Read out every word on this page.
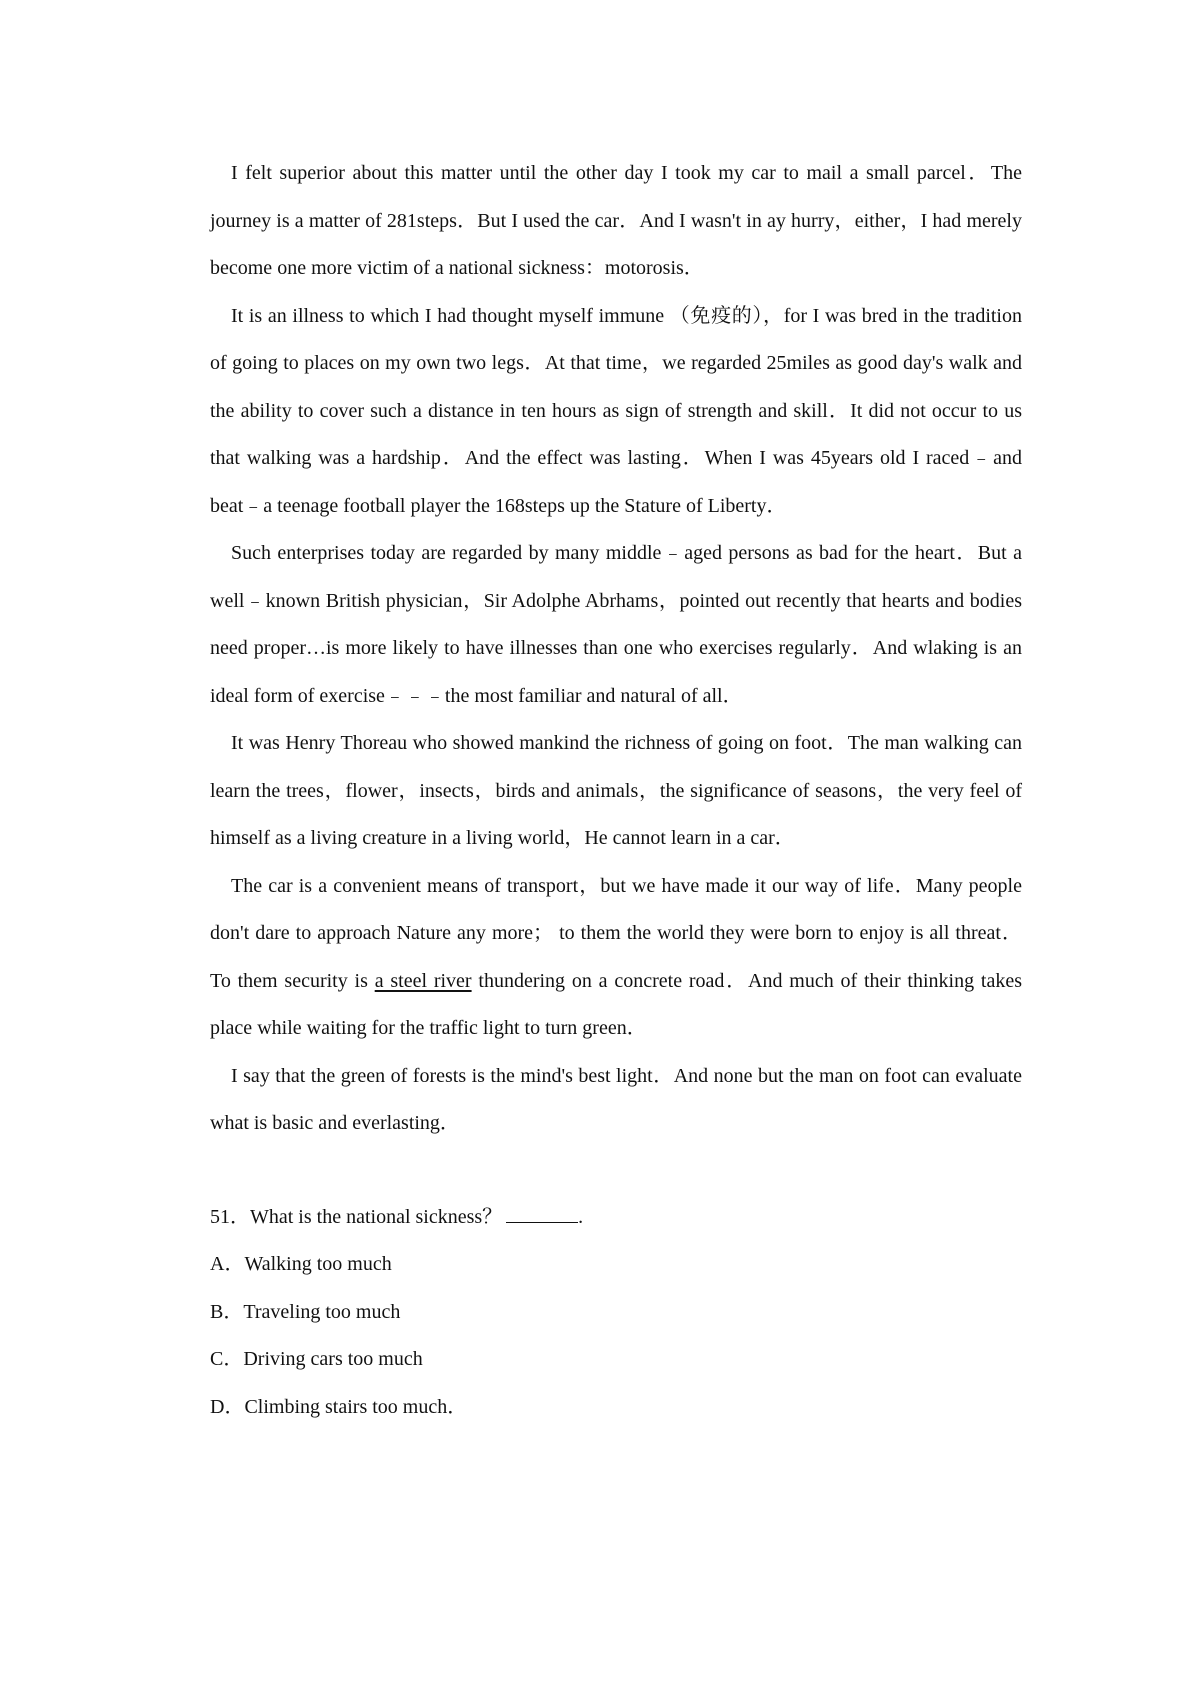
I felt superior about this matter until the other day I took my car to mail a small parcel．The journey is a matter of 281steps．But I used the car．And I wasn't in ay hurry，either，I had merely become one more victim of a national sickness：motorosis．

It is an illness to which I had thought myself immune （免疫的），for I was bred in the tradition of going to places on my own two legs．At that time，we regarded 25miles as good day's walk and the ability to cover such a distance in ten hours as sign of strength and skill．It did not occur to us that walking was a hardship．And the effect was lasting．When I was 45years old I raced﹣and beat﹣a teenage football player the 168steps up the Stature of Liberty．

Such enterprises today are regarded by many middle﹣aged persons as bad for the heart．But a well﹣known British physician，Sir Adolphe Abrhams，pointed out recently that hearts and bodies need proper…is more likely to have illnesses than one who exercises regularly．And wlaking is an ideal form of exercise﹣﹣﹣the most familiar and natural of all．

It was Henry Thoreau who showed mankind the richness of going on foot．The man walking can learn the trees，flower，insects，birds and animals，the significance of seasons，the very feel of himself as a living creature in a living world，He cannot learn in a car．

The car is a convenient means of transport，but we have made it our way of life．Many people don't dare to approach Nature any more； to them the world they were born to enjoy is all threat．To them security is a steel river thundering on a concrete road．And much of their thinking takes place while waiting for the traffic light to turn green．

I say that the green of forests is the mind's best light．And none but the man on foot can evaluate what is basic and everlasting．

51．What is the national sickness？	.

A．Walking too much

B．Traveling too much

C．Driving cars too much

D．Climbing stairs too much．
